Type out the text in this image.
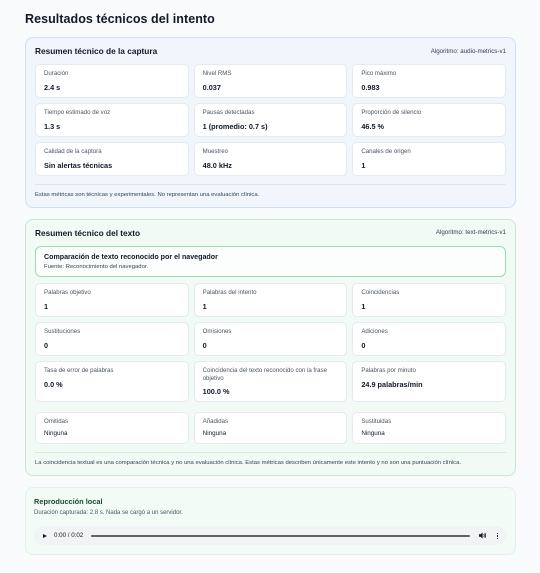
Resultados técnicos del intento
Resumen técnico de la captura	Algoritmo: audio-metrics-v1
Duración
2.4 s
Nivel RMS
0.037
Pico máximo
0.983
Tiempo estimado de voz
1.3 s
Pausas detectadas
1 (promedio: 0.7 s)
Proporción de silencio
46.5 %
Calidad de la captura
Sin alertas técnicas
Muestreo
48.0 kHz
Canales de origen
1
Estas métricas son técnicas y experimentales. No representan una evaluación clínica.
Resumen técnico del texto	Algoritmo: text-metrics-v1
Comparación de texto reconocido por el navegador
Fuente: Reconocimiento del navegador.
Palabras objetivo
1
Palabras del intento
1
Coincidencias
1
Sustituciones
0
Omisiones
0
Adiciones
0
Tasa de error de palabras
0.0 %
Coincidencia del texto reconocido con la frase objetivo
100.0 %
Palabras por minuto
24.9 palabras/min
Omitidas
Ninguna
Añadidas
Ninguna
Sustituidas
Ninguna
La coincidencia textual es una comparación técnica y no una evaluación clínica. Estas métricas describen únicamente este intento y no son una puntuación clínica.
Reproducción local
Duración capturada: 2.8 s. Nada se cargó a un servidor.
0:00 / 0:02
